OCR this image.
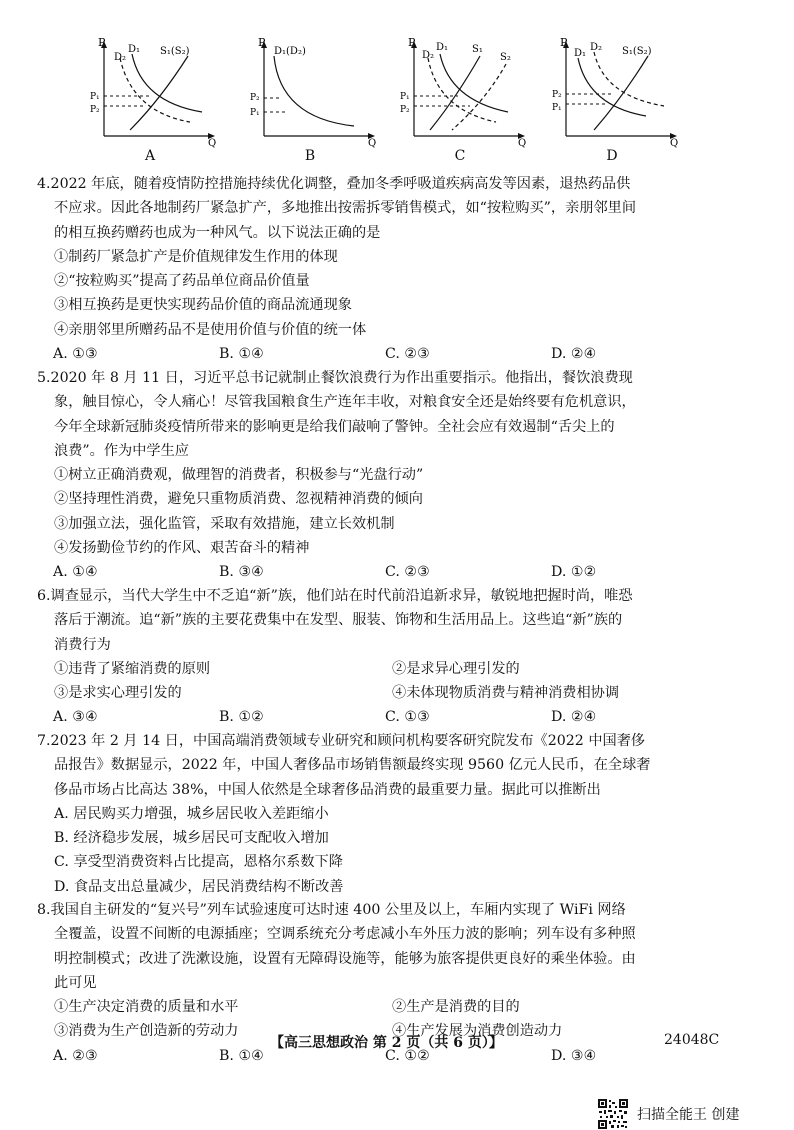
P
D₂
D₁ S₁(S₂)
P₁
P₂
Q
A
P
D₁(D₂)
P₂
P₁
Q
B
P
D₂
D₁ S₁
S₂
P₁
P₂
Q
C
P
D₁
D₂ S₁(S₂)
P₂
P₁
Q
D
4.2022 年底，随着疫情防控措施持续优化调整，叠加冬季呼吸道疾病高发等因素，退热药品供
不应求。因此各地制药厂紧急扩产，多地推出按需拆零销售模式，如“按粒购买”，亲朋邻里间
的相互换药赠药也成为一种风气。以下说法正确的是
①制药厂紧急扩产是价值规律发生作用的体现
②“按粒购买”提高了药品单位商品价值量
③相互换药是更快实现药品价值的商品流通现象
④亲朋邻里所赠药品不是使用价值与价值的统一体
A. ①③	B. ①④	C. ②③	D. ②④
5.2020 年 8 月 11 日，习近平总书记就制止餐饮浪费行为作出重要指示。他指出，餐饮浪费现
象，触目惊心，令人痛心！尽管我国粮食生产连年丰收，对粮食安全还是始终要有危机意识，
今年全球新冠肺炎疫情所带来的影响更是给我们敲响了警钟。全社会应有效遏制“舌尖上的
浪费”。作为中学生应
①树立正确消费观，做理智的消费者，积极参与“光盘行动”
②坚持理性消费，避免只重物质消费、忽视精神消费的倾向
③加强立法，强化监管，采取有效措施，建立长效机制
④发扬勤俭节约的作风、艰苦奋斗的精神
A. ①④	B. ③④	C. ②③	D. ①②
6.调查显示，当代大学生中不乏追“新”族，他们站在时代前沿追新求异，敏锐地把握时尚，唯恐
落后于潮流。追“新”族的主要花费集中在发型、服装、饰物和生活用品上。这些追“新”族的
消费行为
①违背了紧缩消费的原则	②是求异心理引发的
③是求实心理引发的	④未体现物质消费与精神消费相协调
A. ③④	B. ①②	C. ①③	D. ②④
7.2023 年 2 月 14 日，中国高端消费领域专业研究和顾问机构要客研究院发布《2022 中国奢侈
品报告》数据显示，2022 年，中国人奢侈品市场销售额最终实现 9560 亿元人民币，在全球奢
侈品市场占比高达 38%，中国人依然是全球奢侈品消费的最重要力量。据此可以推断出
A. 居民购买力增强，城乡居民收入差距缩小
B. 经济稳步发展，城乡居民可支配收入增加
C. 享受型消费资料占比提高，恩格尔系数下降
D. 食品支出总量减少，居民消费结构不断改善
8.我国自主研发的“复兴号”列车试验速度可达时速 400 公里及以上，车厢内实现了 WiFi 网络
全覆盖，设置不间断的电源插座；空调系统充分考虑减小车外压力波的影响；列车设有多种照
明控制模式；改进了洗漱设施，设置有无障碍设施等，能够为旅客提供更良好的乘坐体验。由
此可见
①生产决定消费的质量和水平	②生产是消费的目的
③消费为生产创造新的劳动力	④生产发展为消费创造动力
A. ②③	B. ①④	C. ①②	D. ③④
【高三思想政治 第 2 页（共 6 页）】	24048C
扫描全能王 创建
